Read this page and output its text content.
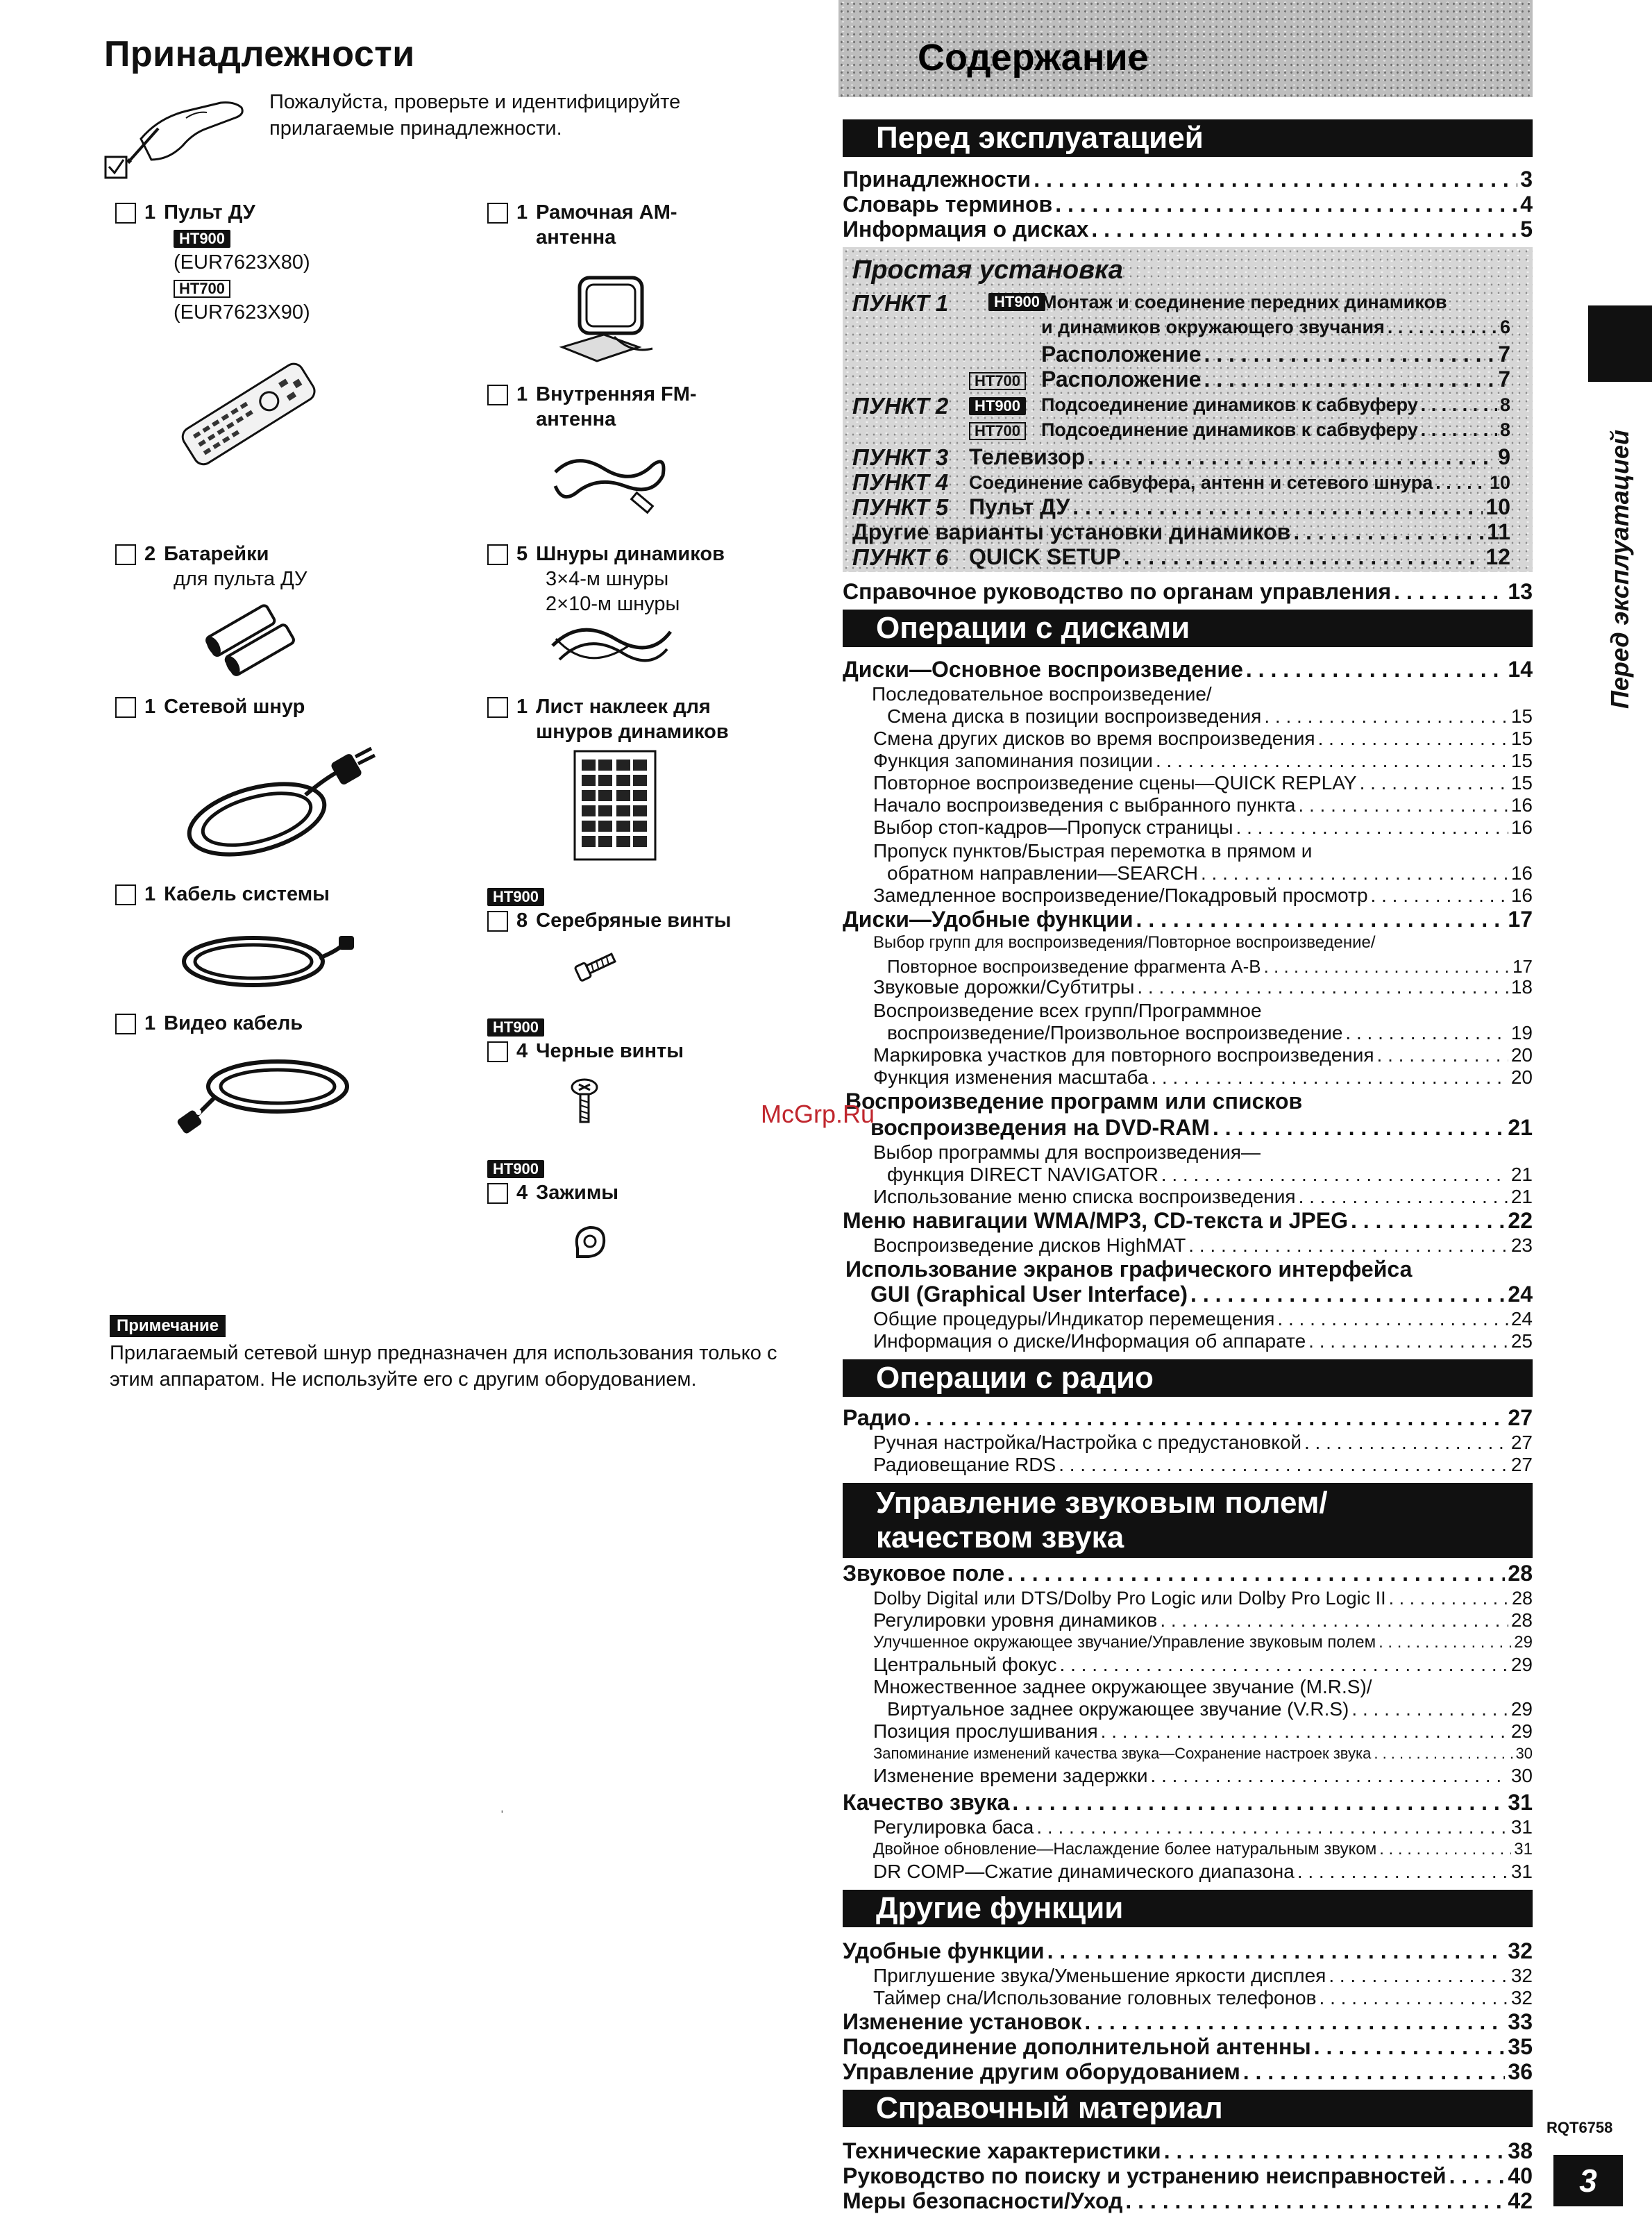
Принадлежности
Пожалуйста, проверьте и идентифицируйте прилагаемые принадлежности.
1 Пульт ДУ
HT900
(EUR7623X80)
HT700
(EUR7623X90)
1 Рамочная AM-
антенна
1 Внутренняя FM-
антенна
2 Батарейки
для пульта ДУ
5 Шнуры динамиков
3×4-м шнуры
2×10-м шнуры
1 Сетевой шнур	1 Лист наклеек для
шнуров динамиков
1 Кабель системы	HT900
8 Серебряные винты
1 Видео кабель	HT900
4 Черные винты
HT900
4 Зажимы
Примечание
Прилагаемый сетевой шнур предназначен для использования только с этим аппаратом. Не используйте его с другим оборудованием.
ˌ
Содержание
Перед эксплуатацией
Принадлежности . . .	3
Словарь терминов . . .	4
Информация о дисках . . .	5
Простая установка
ПУНКТ 1	HT900 Монтаж и соединение передних динамиков
и динамиков окружающего звучания . . .	6
Расположение . . .	7
HT700 Расположение . . .	7
ПУНКТ 2	HT900 Подсоединение динамиков к сабвуферу . . .	8
HT700 Подсоединение динамиков к сабвуферу . . .	8
ПУНКТ 3 Телевизор . . .	9
ПУНКТ 4 Соединение сабвуфера, антенн и сетевого шнура . . .	10
ПУНКТ 5 Пульт ДУ . . .	10
Другие варианты установки динамиков . . .	11
ПУНКТ 6 QUICK SETUP . . .	12
Справочное руководство по органам управления . . .	13
Операции с дисками
Диски—Основное воспроизведение . . .	14
Последовательное воспроизведение/
Смена диска в позиции воспроизведения . . .	15
Смена других дисков во время воспроизведения . . .	15
Функция запоминания позиции . . .	15
Повторное воспроизведение сцены—QUICK REPLAY . . .	15
Начало воспроизведения с выбранного пункта . . .	16
Выбор стоп-кадров—Пропуск страницы . . .	16
Пропуск пунктов/Быстрая перемотка в прямом и
обратном направлении—SEARCH . . .	16
Замедленное воспроизведение/Покадровый просмотр . . .	16
Диски—Удобные функции . . .	17
Выбор групп для воспроизведения/Повторное воспроизведение/
Повторное воспроизведение фрагмента A-B . . .	17
Звуковые дорожки/Субтитры . . .	18
Воспроизведение всех групп/Программное
воспроизведение/Произвольное воспроизведение . . .	19
Маркировка участков для повторного воспроизведения . . .	20
Функция изменения масштаба . . .	20
Воспроизведение программ или списков
воспроизведения на DVD-RAM . . .	21
Выбор программы для воспроизведения—
функция DIRECT NAVIGATOR . . .	21
Использование меню списка воспроизведения . . .	21
Меню навигации WMA/MP3, CD-текста и JPEG . . .	22
Воспроизведение дисков HighMAT . . .	23
Использование экранов графического интерфейса
GUI (Graphical User Interface) . . .	24
Общие процедуры/Индикатор перемещения . . .	24
Информация о диске/Информация об аппарате . . .	25
Операции с радио
Радио . . .	27
Ручная настройка/Настройка с предустановкой . . .	27
Радиовещание RDS . . .	27
Управление звуковым полем/
качеством звука
Звуковое поле . . .	28
Dolby Digital или DTS/Dolby Pro Logic или Dolby Pro Logic II . . .	28
Регулировки уровня динамиков . . .	28
Улучшенное окружающее звучание/Управление звуковым полем . . .	29
Центральный фокус . . .	29
Множественное заднее окружающее звучание (M.R.S)/
Виртуальное заднее окружающее звучание (V.R.S) . . .	29
Позиция прослушивания . . .	29
Запоминание изменений качества звука—Сохранение настроек звука . . .	30
Изменение времени задержки . . .	30
Качество звука . . .	31
Регулировка баса . . .	31
Двойное обновление—Наслаждение более натуральным звуком . . .	31
DR COMP—Сжатие динамического диапазона . . .	31
Другие функции
Удобные функции . . .	32
Приглушение звука/Уменьшение яркости дисплея . . .	32
Таймер сна/Использование головных телефонов . . .	32
Изменение установок . . .	33
Подсоединение дополнительной антенны . . .	35
Управление другим оборудованием . . .	36
Справочный материал
Технические характеристики . . .	38
Руководство по поиску и устранению неисправностей . . .	40
Меры безопасности/Уход . . .	42
Перед эксплуатацией
RQT6758
3
McGrp.Ru
